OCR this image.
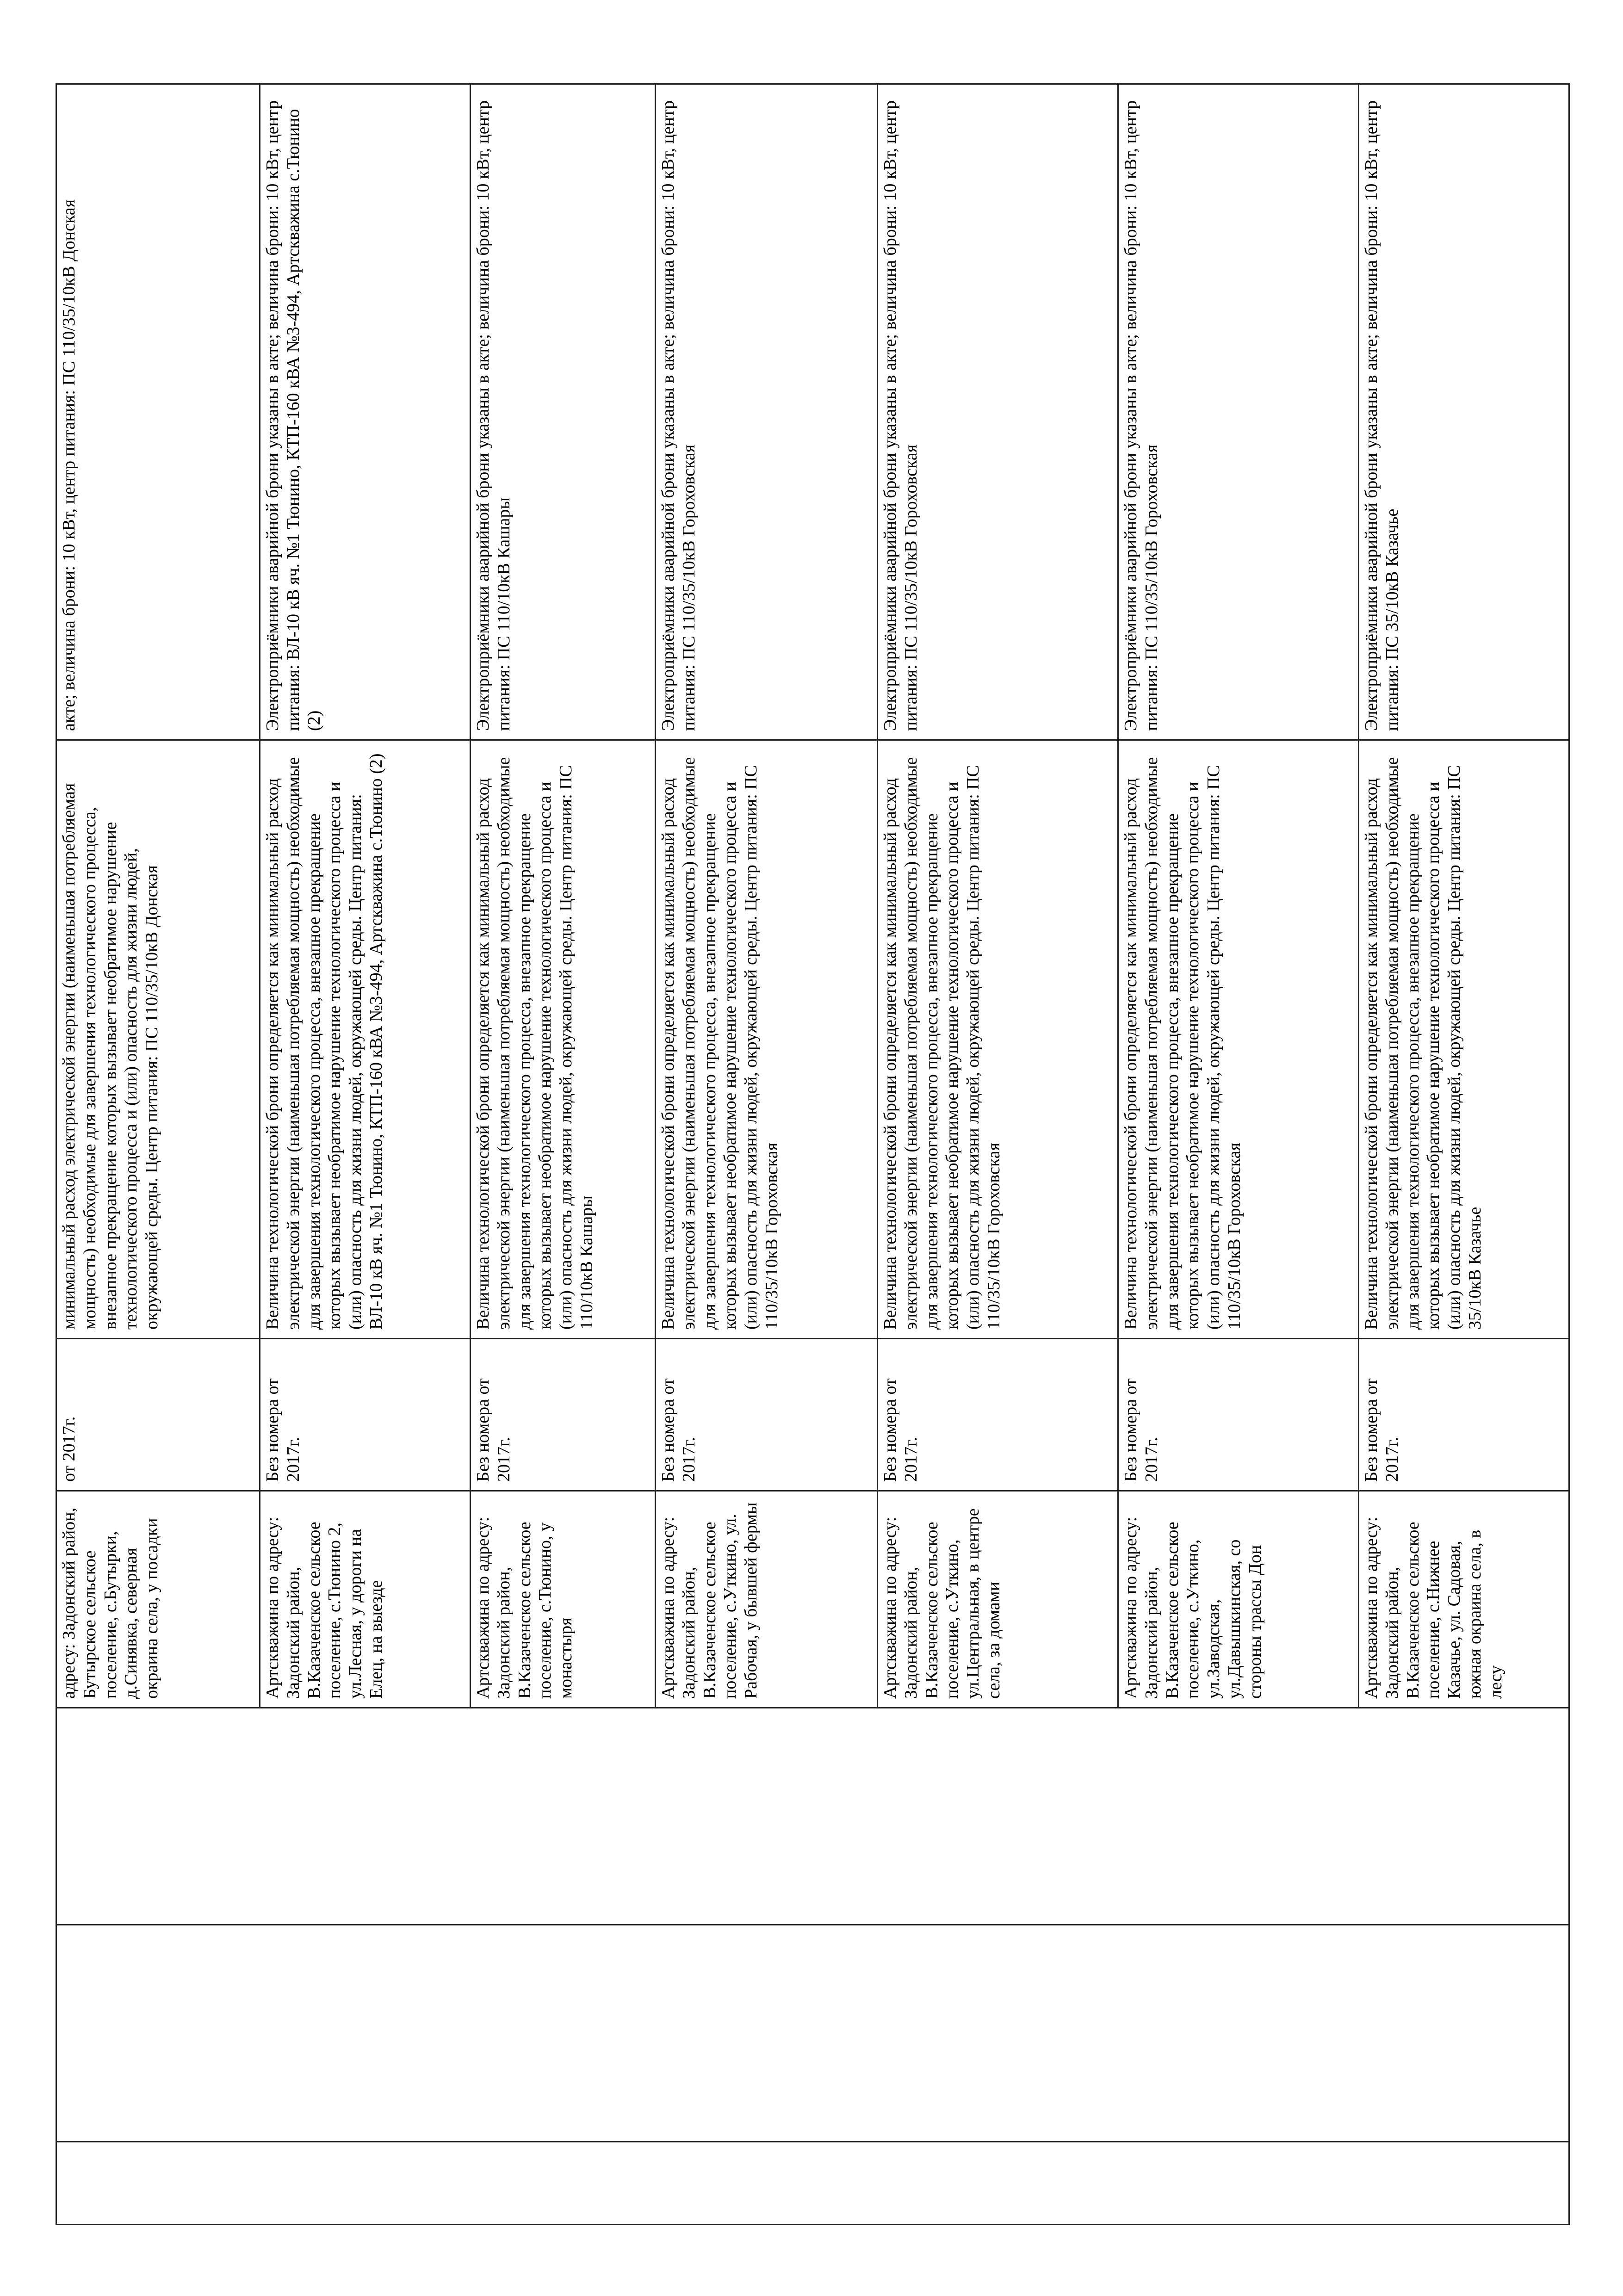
			адресу: Задонский район, Бутырское сельское поселение, с.Бутырки, д.Синявка, северная окраина села, у посадки	от 2017г.	минимальный расход электрической энергии (наименьшая потребляемая мощность) необходимые для завершения технологического процесса, внезапное прекращение которых вызывает необратимое нарушение технологического процесса и (или) опасность для жизни людей, окружающей среды. Центр питания: ПС 110/35/10кВ Донская	акте; величина брони: 10 кВт, центр питания: ПС 110/35/10кВ Донская
			Артскважина по адресу: Задонский район, В.Казаченское сельское поселение, с.Тюнино 2, ул.Лесная, у дороги на Елец, на выезде	Без номера от 2017г.	Величина технологической брони определяется как минимальный расход электрической энергии (наименьшая потребляемая мощность) необходимые для завершения технологического процесса, внезапное прекращение которых вызывает необратимое нарушение технологического процесса и (или) опасность для жизни людей, окружающей среды. Центр питания: ВЛ-10 кВ яч. №1 Тюнино, КТП-160 кВА №3-494, Артскважина с.Тюнино (2)	Электроприёмники аварийной брони указаны в акте; величина брони: 10 кВт, центр питания: ВЛ-10 кВ яч. №1 Тюнино, КТП-160 кВА №3-494, Артскважина с.Тюнино (2)
			Артскважина по адресу: Задонский район, В.Казаченское сельское поселение, с.Тюнино, у монастыря	Без номера от 2017г.	Величина технологической брони определяется как минимальный расход электрической энергии (наименьшая потребляемая мощность) необходимые для завершения технологического процесса, внезапное прекращение которых вызывает необратимое нарушение технологического процесса и (или) опасность для жизни людей, окружающей среды. Центр питания: ПС 110/10кВ Кашары	Электроприёмники аварийной брони указаны в акте; величина брони: 10 кВт, центр питания: ПС 110/10кВ Кашары
			Артскважина по адресу: Задонский район, В.Казаченское сельское поселение, с.Уткино, ул. Рабочая, у бывшей фермы	Без номера от 2017г.	Величина технологической брони определяется как минимальный расход электрической энергии (наименьшая потребляемая мощность) необходимые для завершения технологического процесса, внезапное прекращение которых вызывает необратимое нарушение технологического процесса и (или) опасность для жизни людей, окружающей среды. Центр питания: ПС 110/35/10кВ Гороховская	Электроприёмники аварийной брони указаны в акте; величина брони: 10 кВт, центр питания: ПС 110/35/10кВ Гороховская
			Артскважина по адресу: Задонский район, В.Казаченское сельское поселение, с.Уткино, ул.Центральная, в центре села, за домами	Без номера от 2017г.	Величина технологической брони определяется как минимальный расход электрической энергии (наименьшая потребляемая мощность) необходимые для завершения технологического процесса, внезапное прекращение которых вызывает необратимое нарушение технологического процесса и (или) опасность для жизни людей, окружающей среды. Центр питания: ПС 110/35/10кВ Гороховская	Электроприёмники аварийной брони указаны в акте; величина брони: 10 кВт, центр питания: ПС 110/35/10кВ Гороховская
			Артскважина по адресу: Задонский район, В.Казаченское сельское поселение, с.Уткино, ул.Заводская, ул.Давышкинская, со стороны трассы Дон	Без номера от 2017г.	Величина технологической брони определяется как минимальный расход электрической энергии (наименьшая потребляемая мощность) необходимые для завершения технологического процесса, внезапное прекращение которых вызывает необратимое нарушение технологического процесса и (или) опасность для жизни людей, окружающей среды. Центр питания: ПС 110/35/10кВ Гороховская	Электроприёмники аварийной брони указаны в акте; величина брони: 10 кВт, центр питания: ПС 110/35/10кВ Гороховская
			Артскважина по адресу: Задонский район, В.Казаченское сельское поселение, с.Нижнее Казачье, ул. Садовая, южная окраина села, в лесу	Без номера от 2017г.	Величина технологической брони определяется как минимальный расход электрической энергии (наименьшая потребляемая мощность) необходимые для завершения технологического процесса, внезапное прекращение которых вызывает необратимое нарушение технологического процесса и (или) опасность для жизни людей, окружающей среды. Центр питания: ПС 35/10кВ Казачье	Электроприёмники аварийной брони указаны в акте; величина брони: 10 кВт, центр питания: ПС 35/10кВ Казачье
